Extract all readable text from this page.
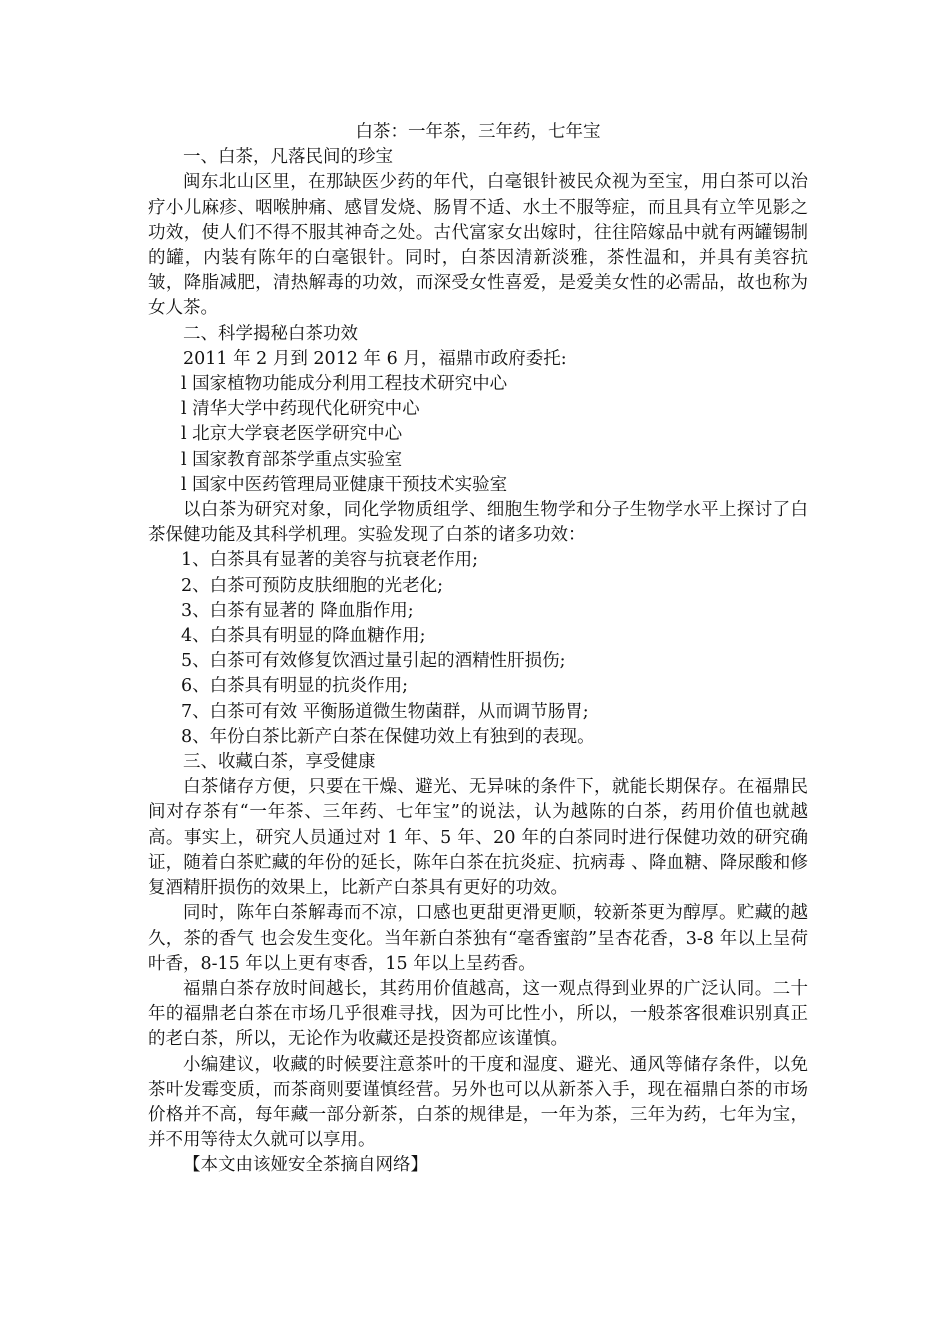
白茶：一年茶，三年药，七年宝

一、白茶，凡落民间的珍宝

闽东北山区里，在那缺医少药的年代，白毫银针被民众视为至宝，用白茶可以治疗小儿麻疹、咽喉肿痛、感冒发烧、肠胃不适、水土不服等症，而且具有立竿见影之功效，使人们不得不服其神奇之处。古代富家女出嫁时，往往陪嫁品中就有两罐锡制的罐，内装有陈年的白毫银针。同时，白茶因清新淡雅，茶性温和，并具有美容抗皱，降脂减肥，清热解毒的功效，而深受女性喜爱，是爱美女性的必需品，故也称为女人茶。

二、科学揭秘白茶功效

2011 年 2 月到 2012 年 6 月，福鼎市政府委托:

l 国家植物功能成分利用工程技术研究中心

l 清华大学中药现代化研究中心

l 北京大学衰老医学研究中心

l 国家教育部茶学重点实验室

l 国家中医药管理局亚健康干预技术实验室

以白茶为研究对象，同化学物质组学、细胞生物学和分子生物学水平上探讨了白茶保健功能及其科学机理。实验发现了白茶的诸多功效：

1、白茶具有显著的美容与抗衰老作用;

2、白茶可预防皮肤细胞的光老化;

3、白茶有显著的 降血脂作用;

4、白茶具有明显的降血糖作用;

5、白茶可有效修复饮酒过量引起的酒精性肝损伤;

6、白茶具有明显的抗炎作用;

7、白茶可有效 平衡肠道微生物菌群，从而调节肠胃;

8、年份白茶比新产白茶在保健功效上有独到的表现。

三、收藏白茶，享受健康

白茶储存方便，只要在干燥、避光、无异味的条件下，就能长期保存。在福鼎民间对存茶有“一年茶、三年药、七年宝”的说法，认为越陈的白茶，药用价值也就越高。事实上，研究人员通过对 1 年、5 年、20 年的白茶同时进行保健功效的研究确证，随着白茶贮藏的年份的延长，陈年白茶在抗炎症、抗病毒 、降血糖、降尿酸和修复酒精肝损伤的效果上，比新产白茶具有更好的功效。

同时，陈年白茶解毒而不凉，口感也更甜更滑更顺，较新茶更为醇厚。贮藏的越久，茶的香气 也会发生变化。当年新白茶独有“毫香蜜韵”呈杏花香，3-8 年以上呈荷叶香，8-15 年以上更有枣香，15 年以上呈药香。

福鼎白茶存放时间越长，其药用价值越高，这一观点得到业界的广泛认同。二十年的福鼎老白茶在市场几乎很难寻找，因为可比性小，所以，一般茶客很难识别真正的老白茶，所以，无论作为收藏还是投资都应该谨慎。

小编建议，收藏的时候要注意茶叶的干度和湿度、避光、通风等储存条件，以免茶叶发霉变质，而茶商则要谨慎经营。另外也可以从新茶入手，现在福鼎白茶的市场价格并不高，每年藏一部分新茶，白茶的规律是，一年为茶，三年为药，七年为宝，并不用等待太久就可以享用。

【本文由该娅安全茶摘自网络】
